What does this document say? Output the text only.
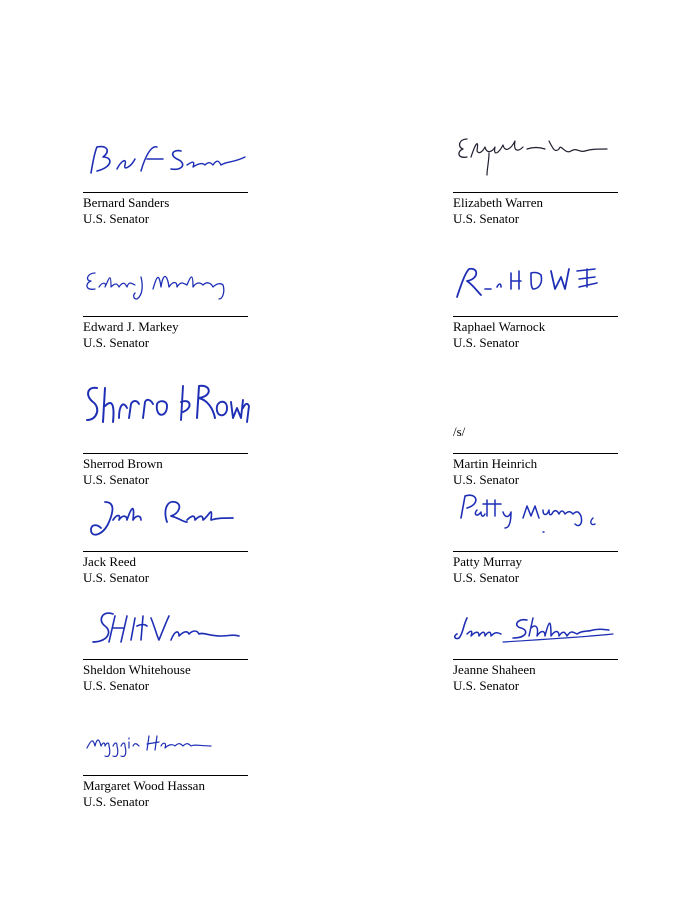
Bernard Sanders
U.S. Senator
Elizabeth Warren
U.S. Senator
Edward J. Markey
U.S. Senator
Raphael Warnock
U.S. Senator
Sherrod Brown
U.S. Senator
/s/
Martin Heinrich
U.S. Senator
Jack Reed
U.S. Senator
Patty Murray
U.S. Senator
Sheldon Whitehouse
U.S. Senator
Jeanne Shaheen
U.S. Senator
Margaret Wood Hassan
U.S. Senator
